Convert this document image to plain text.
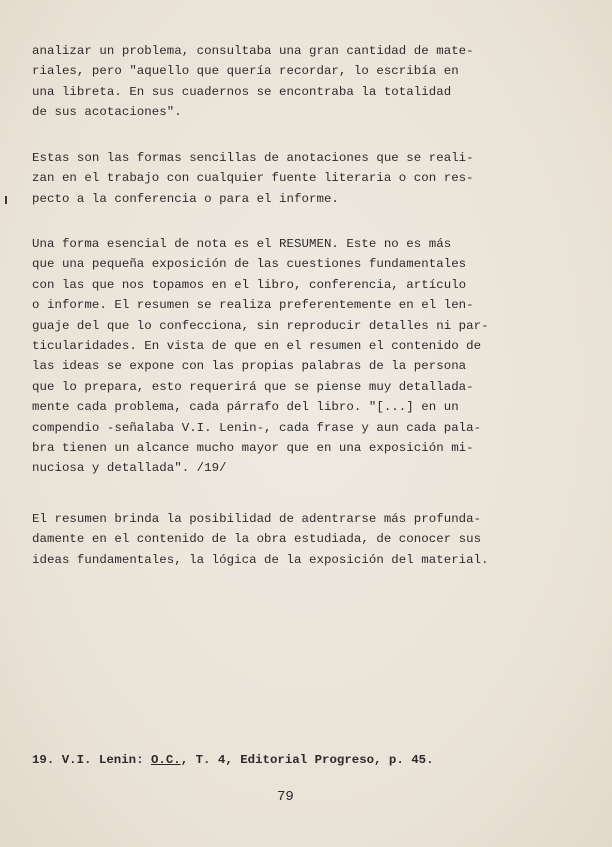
analizar un problema, consultaba una gran cantidad de mate-
riales, pero "aquello que quería recordar, lo escribía en
una libreta. En sus cuadernos se encontraba la totalidad
de sus acotaciones".

Estas son las formas sencillas de anotaciones que se reali-
zan en el trabajo con cualquier fuente literaria o con res-
pecto a la conferencia o para el informe.

Una forma esencial de nota es el RESUMEN. Este no es más
que una pequeña exposición de las cuestiones fundamentales
con las que nos topamos en el libro, conferencia, artículo
o informe. El resumen se realiza preferentemente en el len-
guaje del que lo confecciona, sin reproducir detalles ni par-
ticularidades. En vista de que en el resumen el contenido de
las ideas se expone con las propias palabras de la persona
que lo prepara, esto requerirá que se piense muy detallada-
mente cada problema, cada párrafo del libro. "[...] en un
compendio -señalaba V.I. Lenin-, cada frase y aun cada pala-
bra tienen un alcance mucho mayor que en una exposición mi-
nuciosa y detallada". /19/

El resumen brinda la posibilidad de adentrarse más profunda-
damente en el contenido de la obra estudiada, de conocer sus
ideas fundamentales, la lógica de la exposición del material.

19. V.I. Lenin: O.C., T. 4, Editorial Progreso, p. 45.

79
